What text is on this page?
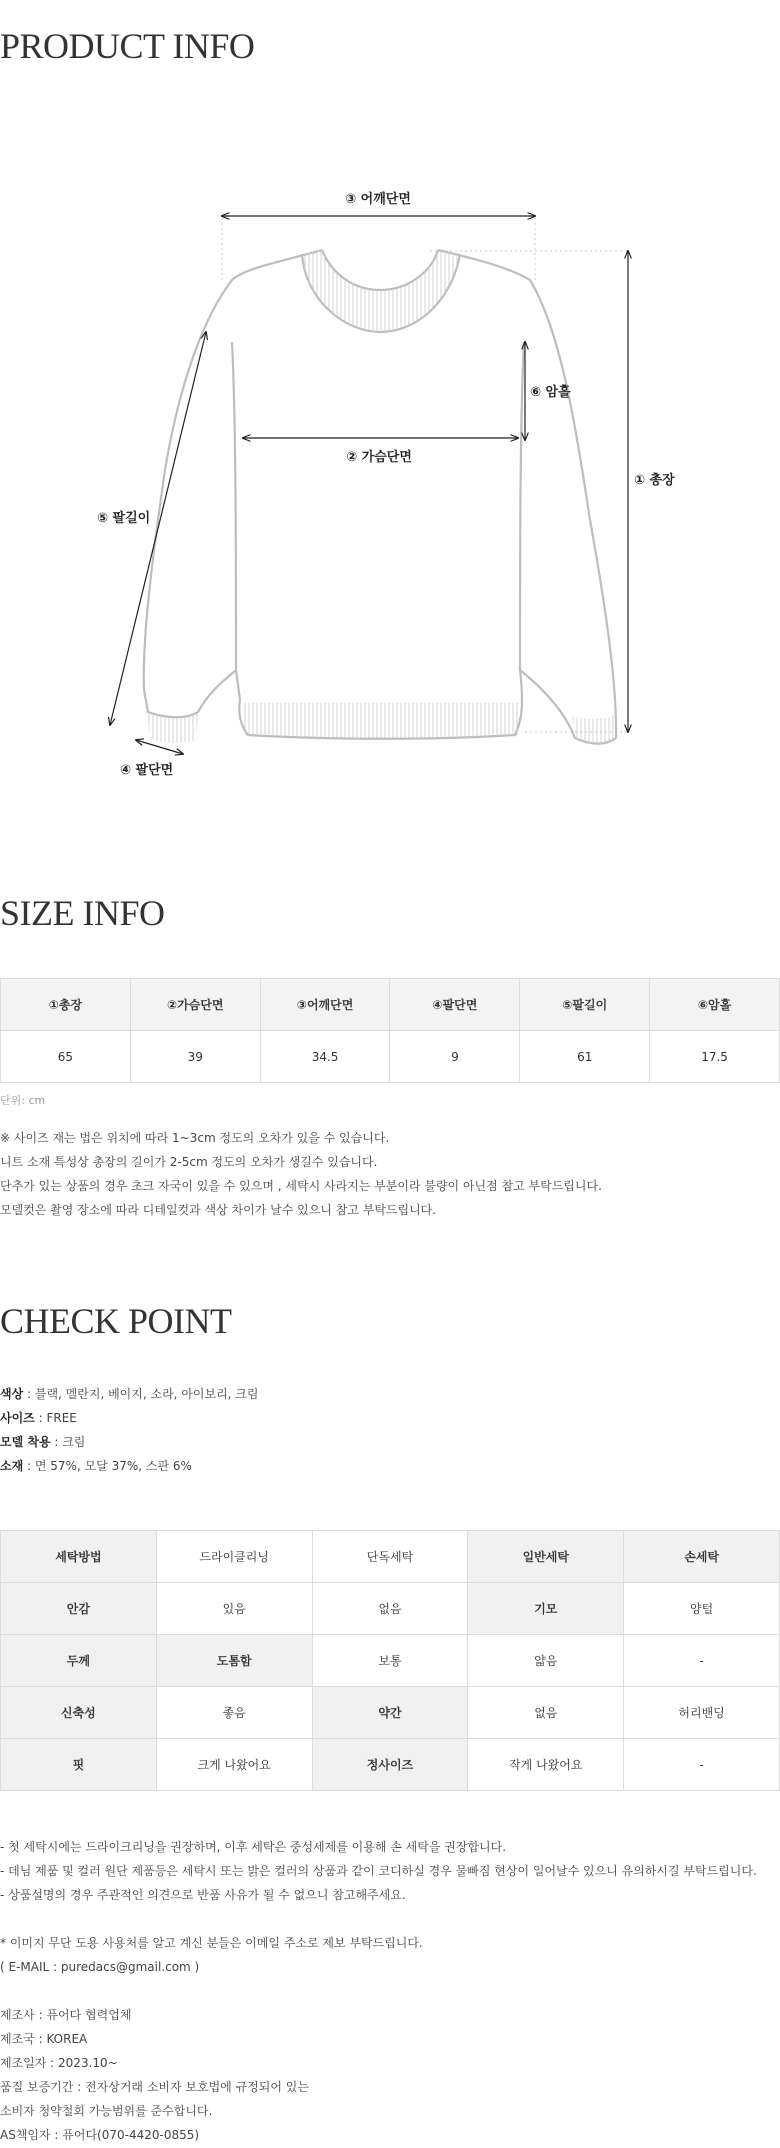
PRODUCT INFO
③ 어깨단면
⑥ 암홀
② 가슴단면
① 총장
⑤ 팔길이
④ 팔단면
SIZE INFO
①총장	②가슴단면	③어깨단면	④팔단면	⑤팔길이	⑥암홀
65	39	34.5	9	61	17.5

단위: cm

※ 사이즈 재는 법은 위치에 따라 1~3cm 정도의 오차가 있을 수 있습니다.

니트 소재 특성상 총장의 길이가 2-5cm 정도의 오차가 생길수 있습니다.

단추가 있는 상품의 경우 초크 자국이 있을 수 있으며 , 세탁시 사라지는 부분이라 불량이 아닌점 참고 부탁드립니다.

모델컷은 촬영 장소에 따라 디테일컷과 색상 차이가 날수 있으니 참고 부탁드립니다.

CHECK POINT

색상 : 블랙, 멜란지, 베이지, 소라, 아이보리, 크림

사이즈 : FREE

모델 착용 : 크림

소재 : 면 57%, 모달 37%, 스판 6%

세탁방법	드라이클리닝	단독세탁	일반세탁	손세탁
안감	있음	없음	기모	양털
두께	도톰함	보통	얇음	-
신축성	좋음	약간	없음	허리밴딩
핏	크게 나왔어요	정사이즈	작게 나왔어요	-

- 첫 세탁시에는 드라이크리닝을 권장하며, 이후 세탁은 중성세제를 이용해 손 세탁을 권장합니다.

- 데님 제품 및 컬러 원단 제품등은 세탁시 또는 밝은 컬러의 상품과 같이 코디하실 경우 물빠짐 현상이 일어날수 있으니 유의하시길 부탁드립니다.

- 상품설명의 경우 주관적인 의견으로 반품 사유가 될 수 없으니 참고해주세요.

* 이미지 무단 도용 사용처를 알고 계신 분들은 이메일 주소로 제보 부탁드립니다.

( E-MAIL : puredacs@gmail.com )

제조사 : 퓨어다 협력업체

제조국 : KOREA

제조일자 : 2023.10~

품질 보증기간 : 전자상거래 소비자 보호법에 규정되어 있는

소비자 청약철회 가능범위를 준수합니다.

AS책임자 : 퓨어다(070-4420-0855)
